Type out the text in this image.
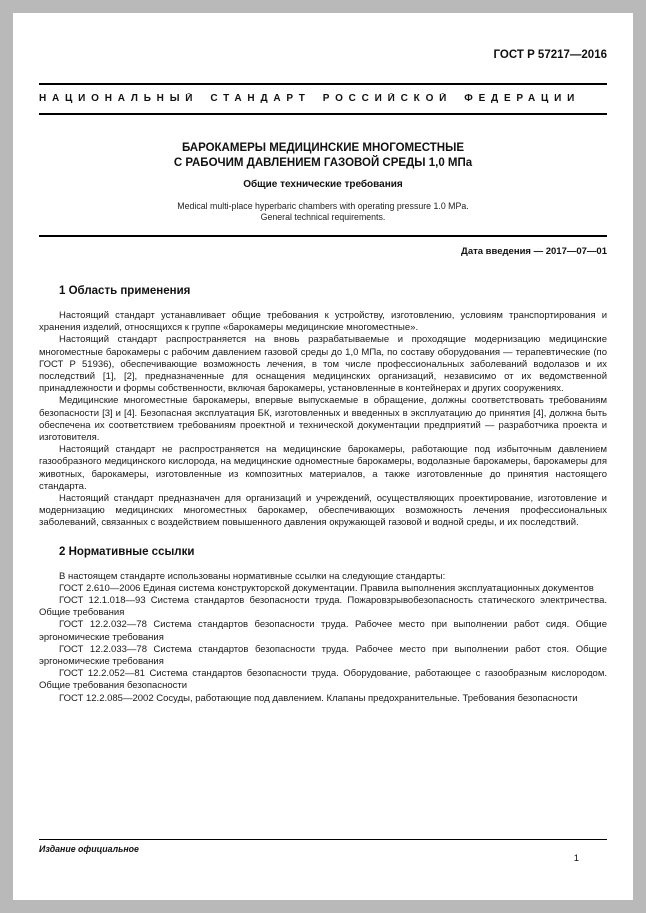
ГОСТ Р 57217—2016
НАЦИОНАЛЬНЫЙ СТАНДАРТ РОССИЙСКОЙ ФЕДЕРАЦИИ
БАРОКАМЕРЫ МЕДИЦИНСКИЕ МНОГОМЕСТНЫЕ
С РАБОЧИМ ДАВЛЕНИЕМ ГАЗОВОЙ СРЕДЫ 1,0 МПа
Общие технические требования
Medical multi-place hyperbaric chambers with operating pressure 1.0 MPa.
General technical requirements.
Дата введения — 2017—07—01
1 Область применения

Настоящий стандарт устанавливает общие требования к устройству, изготовлению, условиям транспортирования и хранения изделий, относящихся к группе «барокамеры медицинские многоместные».

Настоящий стандарт распространяется на вновь разрабатываемые и проходящие модернизацию медицинские многоместные барокамеры с рабочим давлением газовой среды до 1,0 МПа, по составу оборудования — терапевтические (по ГОСТ Р 51936), обеспечивающие возможность лечения, в том числе профессиональных заболеваний водолазов и их последствий [1], [2], предназначенные для оснащения медицинских организаций, независимо от их ведомственной принадлежности и формы собственности, включая барокамеры, установленные в контейнерах и других сооружениях.

Медицинские многоместные барокамеры, впервые выпускаемые в обращение, должны соответствовать требованиям безопасности [3] и [4]. Безопасная эксплуатация БК, изготовленных и введенных в эксплуатацию до принятия [4], должна быть обеспечена их соответствием требованиям проектной и технической документации предприятий — разработчика проекта и изготовителя.

Настоящий стандарт не распространяется на медицинские барокамеры, работающие под избыточным давлением газообразного медицинского кислорода, на медицинские одноместные барокамеры, водолазные барокамеры, барокамеры для животных, барокамеры, изготовленные из композитных материалов, а также изготовленные до принятия настоящего стандарта.

Настоящий стандарт предназначен для организаций и учреждений, осуществляющих проектирование, изготовление и модернизацию медицинских многоместных барокамер, обеспечивающих возможность лечения профессиональных заболеваний, связанных с воздействием повышенного давления окружающей газовой и водной среды, и их последствий.

2 Нормативные ссылки

В настоящем стандарте использованы нормативные ссылки на следующие стандарты:

ГОСТ 2.610—2006 Единая система конструкторской документации. Правила выполнения эксплуатационных документов

ГОСТ 12.1.018—93 Система стандартов безопасности труда. Пожаровзрывобезопасность статического электричества. Общие требования

ГОСТ 12.2.032—78 Система стандартов безопасности труда. Рабочее место при выполнении работ сидя. Общие эргономические требования

ГОСТ 12.2.033—78 Система стандартов безопасности труда. Рабочее место при выполнении работ стоя. Общие эргономические требования

ГОСТ 12.2.052—81 Система стандартов безопасности труда. Оборудование, работающее с газообразным кислородом. Общие требования безопасности

ГОСТ 12.2.085—2002 Сосуды, работающие под давлением. Клапаны предохранительные. Требования безопасности

Издание официальное
1
